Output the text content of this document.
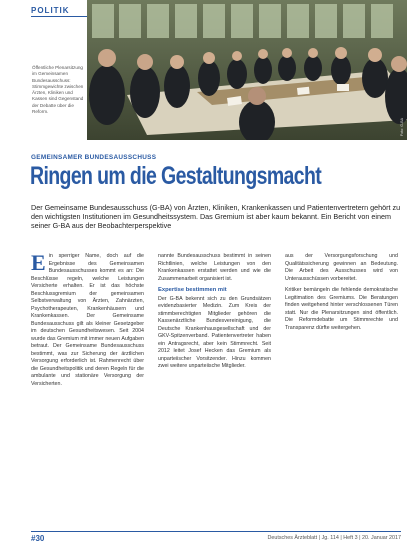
POLITIK
Öffentliche Plenarsitzung im Gemeinsamen Bundesausschuss: Stimmgewichte zwischen Ärzten, Kliniken und Kassen sind Gegenstand der Debatte über die Reform.
Foto: G-BA
GEMEINSAMER BUNDESAUSSCHUSS
Ringen um die Gestaltungsmacht
Der Gemeinsame Bundesausschuss (G-BA) von Ärzten, Kliniken, Krankenkassen und Patientenvertretern gehört zu den wichtigsten Institutionen im Gesundheitssystem. Das Gremium ist aber kaum bekannt. Ein Bericht von einem seiner G-BA aus der Beobachterperspektive
E in sperriger Name, doch auf die Ergebnisse des Gemeinsamen Bundesausschusses kommt es an: Die Beschlüsse regeln, welche Leistungen Versicherte erhalten. Er ist das höchste Beschlussgremium der gemeinsamen Selbstverwaltung von Ärzten, Zahnärzten, Psychotherapeuten, Krankenhäusern und Krankenkassen. Der Gemeinsame Bundesausschuss gilt als kleiner Gesetzgeber im deutschen Gesundheitswesen. Seit 2004 wurde das Gremium mit immer neuen Aufgaben betraut. Der Gemeinsame Bundesausschuss bestimmt, was zur Sicherung der ärztlichen Versorgung erforderlich ist. Rahmenrecht über die Gesundheitspolitik und deren Regeln für die ambulante und stationäre Versorgung der Versicherten.

nannte Bundesausschuss bestimmt in seinen Richtlinien, welche Leistungen von den Krankenkassen erstattet werden und wie die Zusammenarbeit organisiert ist.

Expertise bestimmen mit

Der G-BA bekennt sich zu den Grundsätzen evidenzbasierter Medizin. Zum Kreis der stimmberechtigten Mitglieder gehören die Kassenärztliche Bundesvereinigung, die Deutsche Krankenhausgesellschaft und der GKV-Spitzenverband. Patientenvertreter haben ein Antragsrecht, aber kein Stimmrecht. Seit 2012 leitet Josef Hecken das Gremium als unparteiischer Vorsitzender. Hinzu kommen zwei weitere unparteiische Mitglieder.

aus der Versorgungsforschung und Qualitätssicherung gewinnen an Bedeutung. Die Arbeit des Ausschusses wird von Unterausschüssen vorbereitet.

Kritiker bemängeln die fehlende demokratische Legitimation des Gremiums. Die Beratungen finden weitgehend hinter verschlossenen Türen statt. Nur die Plenarsitzungen sind öffentlich. Die Reformdebatte um Stimmrechte und Transparenz dürfte weitergehen.

#30	Deutsches Ärzteblatt | Jg. 114 | Heft 3 | 20. Januar 2017
